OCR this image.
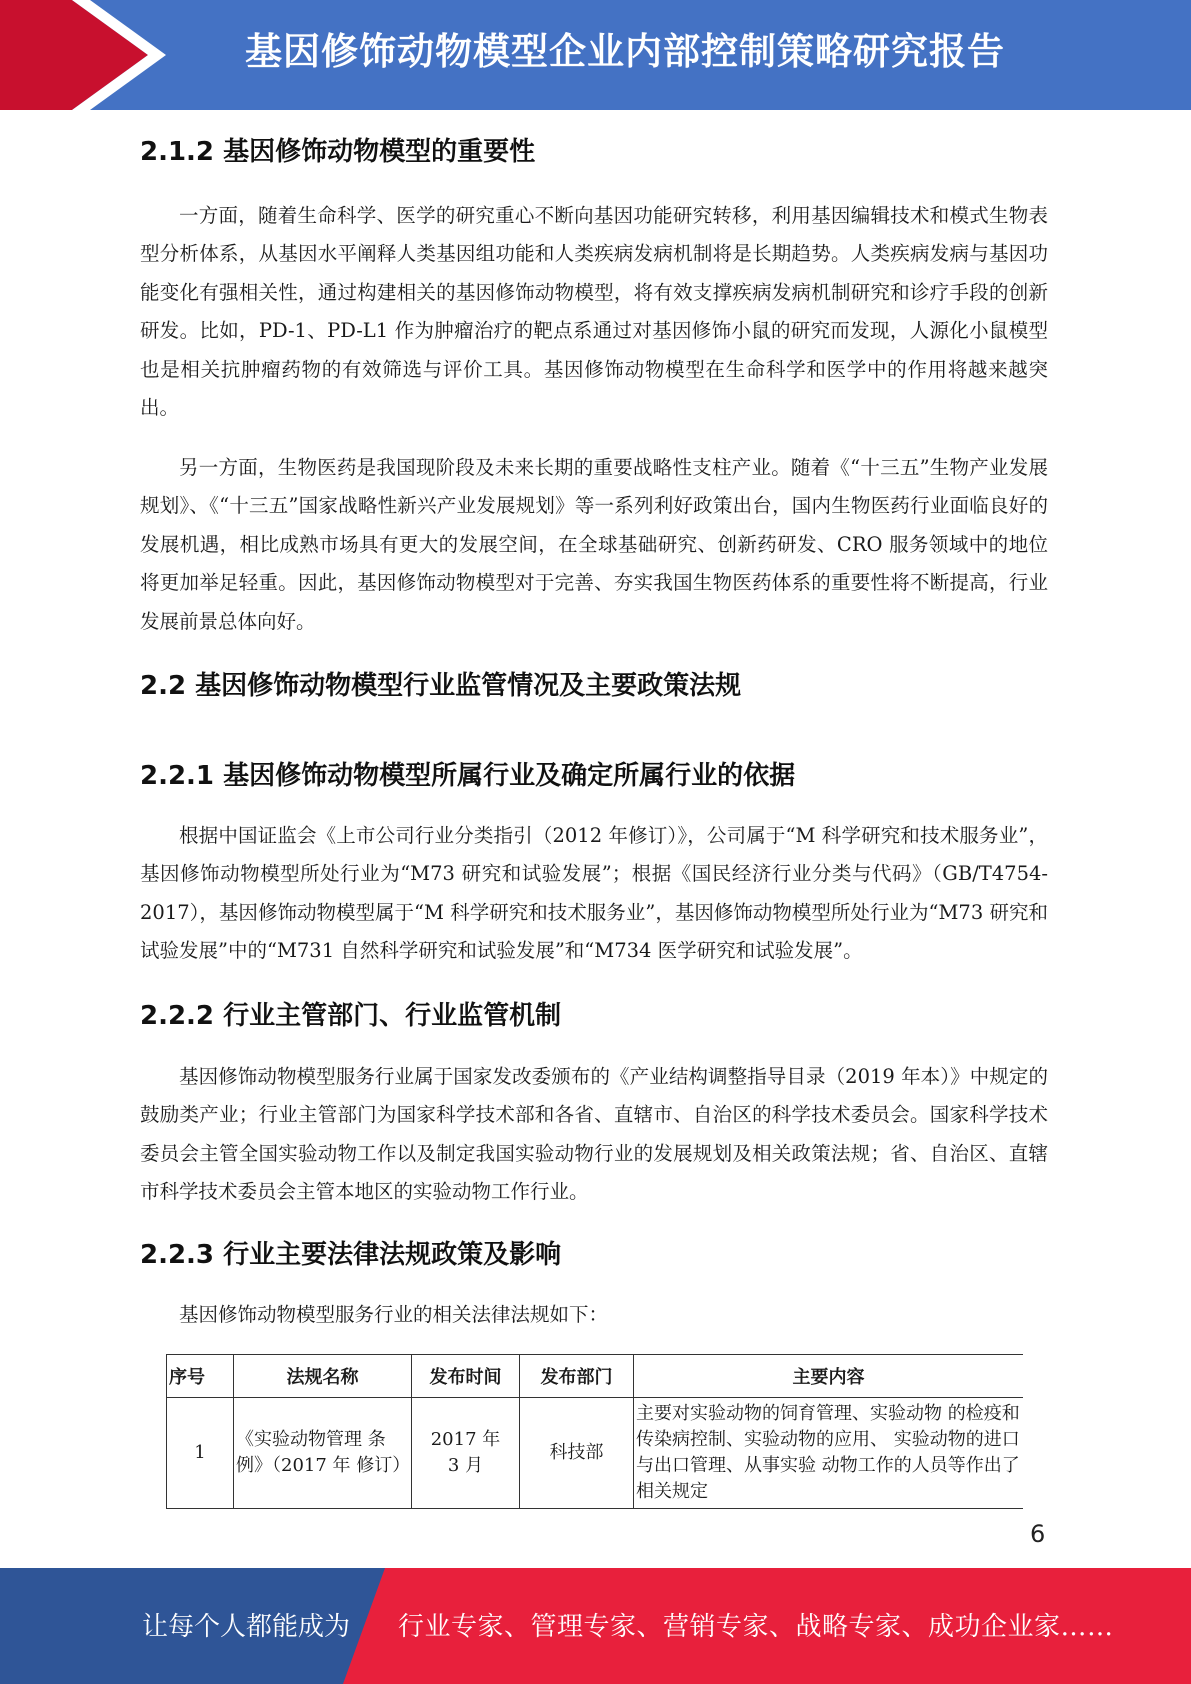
基因修饰动物模型企业内部控制策略研究报告
2.1.2 基因修饰动物模型的重要性

一方面，随着生命科学、医学的研究重心不断向基因功能研究转移，利用基因编辑技术和模式生物表型分析体系，从基因水平阐释人类基因组功能和人类疾病发病机制将是长期趋势。人类疾病发病与基因功能变化有强相关性，通过构建相关的基因修饰动物模型，将有效支撑疾病发病机制研究和诊疗手段的创新研发。比如，PD-1、PD-L1 作为肿瘤治疗的靶点系通过对基因修饰小鼠的研究而发现，人源化小鼠模型也是相关抗肿瘤药物的有效筛选与评价工具。基因修饰动物模型在生命科学和医学中的作用将越来越突出。

另一方面，生物医药是我国现阶段及未来长期的重要战略性支柱产业。随着《“十三五”生物产业发展规划》、《“十三五”国家战略性新兴产业发展规划》等一系列利好政策出台，国内生物医药行业面临良好的发展机遇，相比成熟市场具有更大的发展空间，在全球基础研究、创新药研发、CRO 服务领域中的地位将更加举足轻重。因此，基因修饰动物模型对于完善、夯实我国生物医药体系的重要性将不断提高，行业发展前景总体向好。

2.2 基因修饰动物模型行业监管情况及主要政策法规
2.2.1 基因修饰动物模型所属行业及确定所属行业的依据

根据中国证监会《上市公司行业分类指引（2012 年修订）》，公司属于“M 科学研究和技术服务业”，基因修饰动物模型所处行业为“M73 研究和试验发展”；根据《国民经济行业分类与代码》（GB/T4754-2017），基因修饰动物模型属于“M 科学研究和技术服务业”，基因修饰动物模型所处行业为“M73 研究和试验发展”中的“M731 自然科学研究和试验发展”和“M734 医学研究和试验发展”。

2.2.2 行业主管部门、行业监管机制

基因修饰动物模型服务行业属于国家发改委颁布的《产业结构调整指导目录（2019 年本）》中规定的鼓励类产业；行业主管部门为国家科学技术部和各省、直辖市、自治区的科学技术委员会。国家科学技术委员会主管全国实验动物工作以及制定我国实验动物行业的发展规划及相关政策法规；省、自治区、直辖市科学技术委员会主管本地区的实验动物工作行业。

2.2.3 行业主要法律法规政策及影响

基因修饰动物模型服务行业的相关法律法规如下：

序号	法规名称	发布时间	发布部门	主要内容
1	《实验动物管理 条例》（2017 年 修订）	2017 年 3 月	科技部	主要对实验动物的饲育管理、实验动物 的检疫和传染病控制、实验动物的应用、 实验动物的进口与出口管理、从事实验 动物工作的人员等作出了相关规定
6
让每个人都能成为 行业专家、管理专家、营销专家、战略专家、成功企业家……
